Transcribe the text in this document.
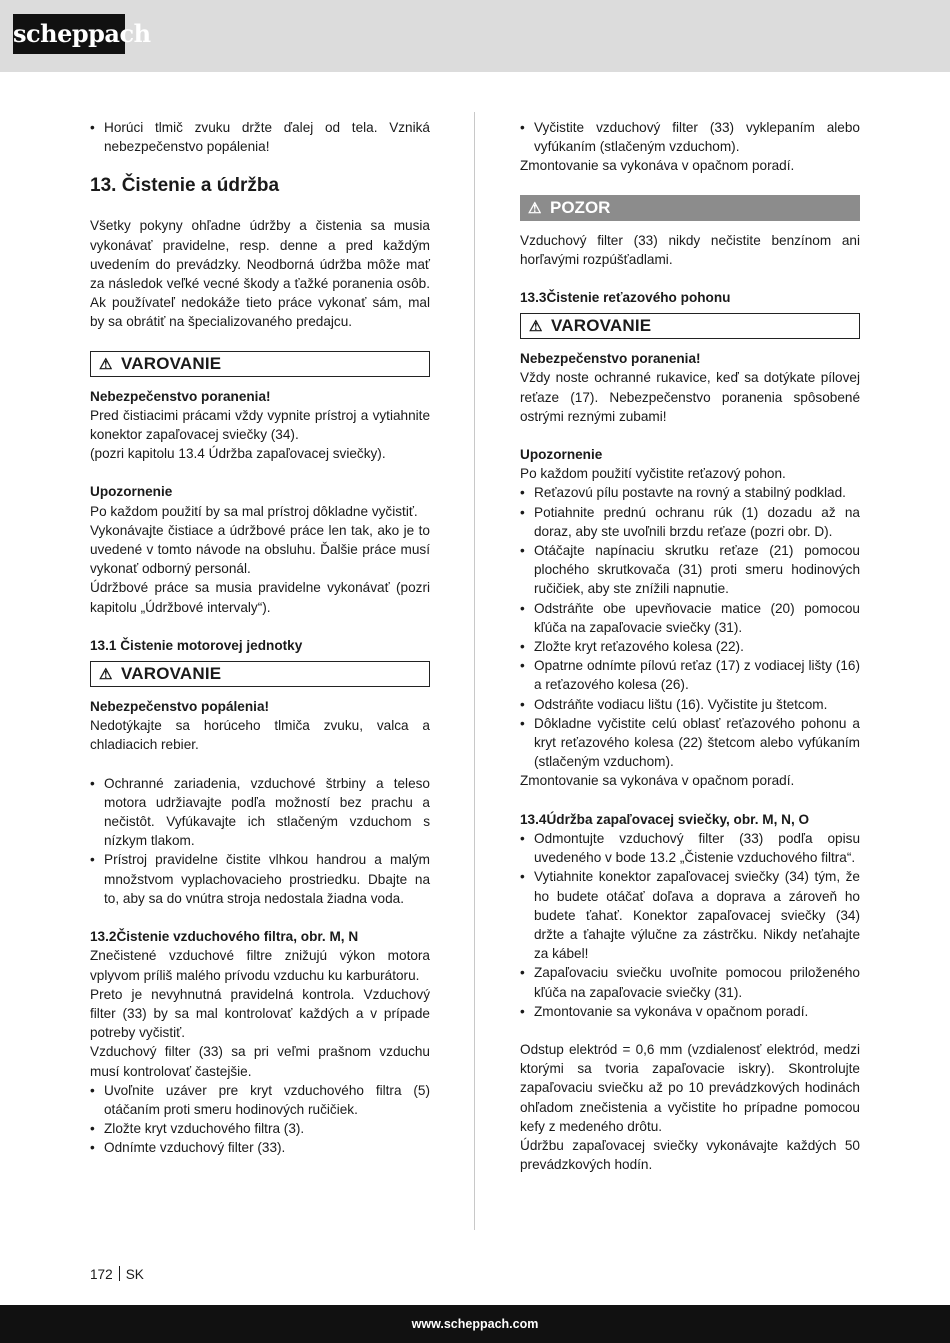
scheppach
• Horúci tlmič zvuku držte ďalej od tela. Vzniká nebezpečenstvo popálenia!
13. Čistenie a údržba

Všetky pokyny ohľadne údržby a čistenia sa musia vykonávať pravidelne, resp. denne a pred každým uvedením do prevádzky. Neodborná údržba môže mať za následok veľké vecné škody a ťažké poranenia osôb. Ak používateľ nedokáže tieto práce vykonať sám, mal by sa obrátiť na špecializovaného predajcu.

⚠ VAROVANIE

Nebezpečenstvo poranenia!

Pred čistiacimi prácami vždy vypnite prístroj a vytiahnite konektor zapaľovacej sviečky (34).

(pozri kapitolu 13.4 Údržba zapaľovacej sviečky).

Upozornenie

Po každom použití by sa mal prístroj dôkladne vyčistiť.

Vykonávajte čistiace a údržbové práce len tak, ako je to uvedené v tomto návode na obsluhu. Ďalšie práce musí vykonať odborný personál.

Údržbové práce sa musia pravidelne vykonávať (pozri kapitolu „Údržbové intervaly“).

13.1 Čistenie motorovej jednotky

⚠ VAROVANIE

Nebezpečenstvo popálenia!

Nedotýkajte sa horúceho tlmiča zvuku, valca a chladiacich rebier.

• Ochranné zariadenia, vzduchové štrbiny a teleso motora udržiavajte podľa možností bez prachu a nečistôt. Vyfúkavajte ich stlačeným vzduchom s nízkym tlakom.
• Prístroj pravidelne čistite vlhkou handrou a malým množstvom vyplachovacieho prostriedku. Dbajte na to, aby sa do vnútra stroja nedostala žiadna voda.

13.2Čistenie vzduchového filtra, obr. M, N

Znečistené vzduchové filtre znižujú výkon motora vplyvom príliš malého prívodu vzduchu ku karburátoru.

Preto je nevyhnutná pravidelná kontrola. Vzduchový filter (33) by sa mal kontrolovať každých a v prípade potreby vyčistiť.

Vzduchový filter (33) sa pri veľmi prašnom vzduchu musí kontrolovať častejšie.

• Uvoľnite uzáver pre kryt vzduchového filtra (5) otáčaním proti smeru hodinových ručičiek.
• Zložte kryt vzduchového filtra (3).
• Odnímte vzduchový filter (33).
• Vyčistite vzduchový filter (33) vyklepaním alebo vyfúkaním (stlačeným vzduchom).

Zmontovanie sa vykonáva v opačnom poradí.

⚠ POZOR

Vzduchový filter (33) nikdy nečistite benzínom ani horľavými rozpúšťadlami.

13.3Čistenie reťazového pohonu

⚠ VAROVANIE

Nebezpečenstvo poranenia!

Vždy noste ochranné rukavice, keď sa dotýkate pílovej reťaze (17). Nebezpečenstvo poranenia spôsobené ostrými reznými zubami!

Upozornenie

Po každom použití vyčistite reťazový pohon.

• Reťazovú pílu postavte na rovný a stabilný podklad.
• Potiahnite prednú ochranu rúk (1) dozadu až na doraz, aby ste uvoľnili brzdu reťaze (pozri obr. D).
• Otáčajte napínaciu skrutku reťaze (21) pomocou plochého skrutkovača (31) proti smeru hodinových ručičiek, aby ste znížili napnutie.
• Odstráňte obe upevňovacie matice (20) pomocou kľúča na zapaľovacie sviečky (31).
• Zložte kryt reťazového kolesa (22).
• Opatrne odnímte pílovú reťaz (17) z vodiacej lišty (16) a reťazového kolesa (26).
• Odstráňte vodiacu lištu (16). Vyčistite ju štetcom.
• Dôkladne vyčistite celú oblasť reťazového pohonu a kryt reťazového kolesa (22) štetcom alebo vyfúkaním (stlačeným vzduchom).

Zmontovanie sa vykonáva v opačnom poradí.

13.4Údržba zapaľovacej sviečky, obr. M, N, O

• Odmontujte vzduchový filter (33) podľa opisu uvedeného v bode 13.2 „Čistenie vzduchového filtra“.
• Vytiahnite konektor zapaľovacej sviečky (34) tým, že ho budete otáčať doľava a doprava a zároveň ho budete ťahať. Konektor zapaľovacej sviečky (34) držte a ťahajte výlučne za zástrčku. Nikdy neťahajte za kábel!
• Zapaľovaciu sviečku uvoľnite pomocou priloženého kľúča na zapaľovacie sviečky (31).
• Zmontovanie sa vykonáva v opačnom poradí.

Odstup elektród = 0,6 mm (vzdialenosť elektród, medzi ktorými sa tvoria zapaľovacie iskry). Skontrolujte zapaľovaciu sviečku až po 10 prevádzkových hodinách ohľadom znečistenia a vyčistite ho prípadne pomocou kefy z medeného drôtu.

Údržbu zapaľovacej sviečky vykonávajte každých 50 prevádzkových hodín.

172 SK
www.scheppach.com
